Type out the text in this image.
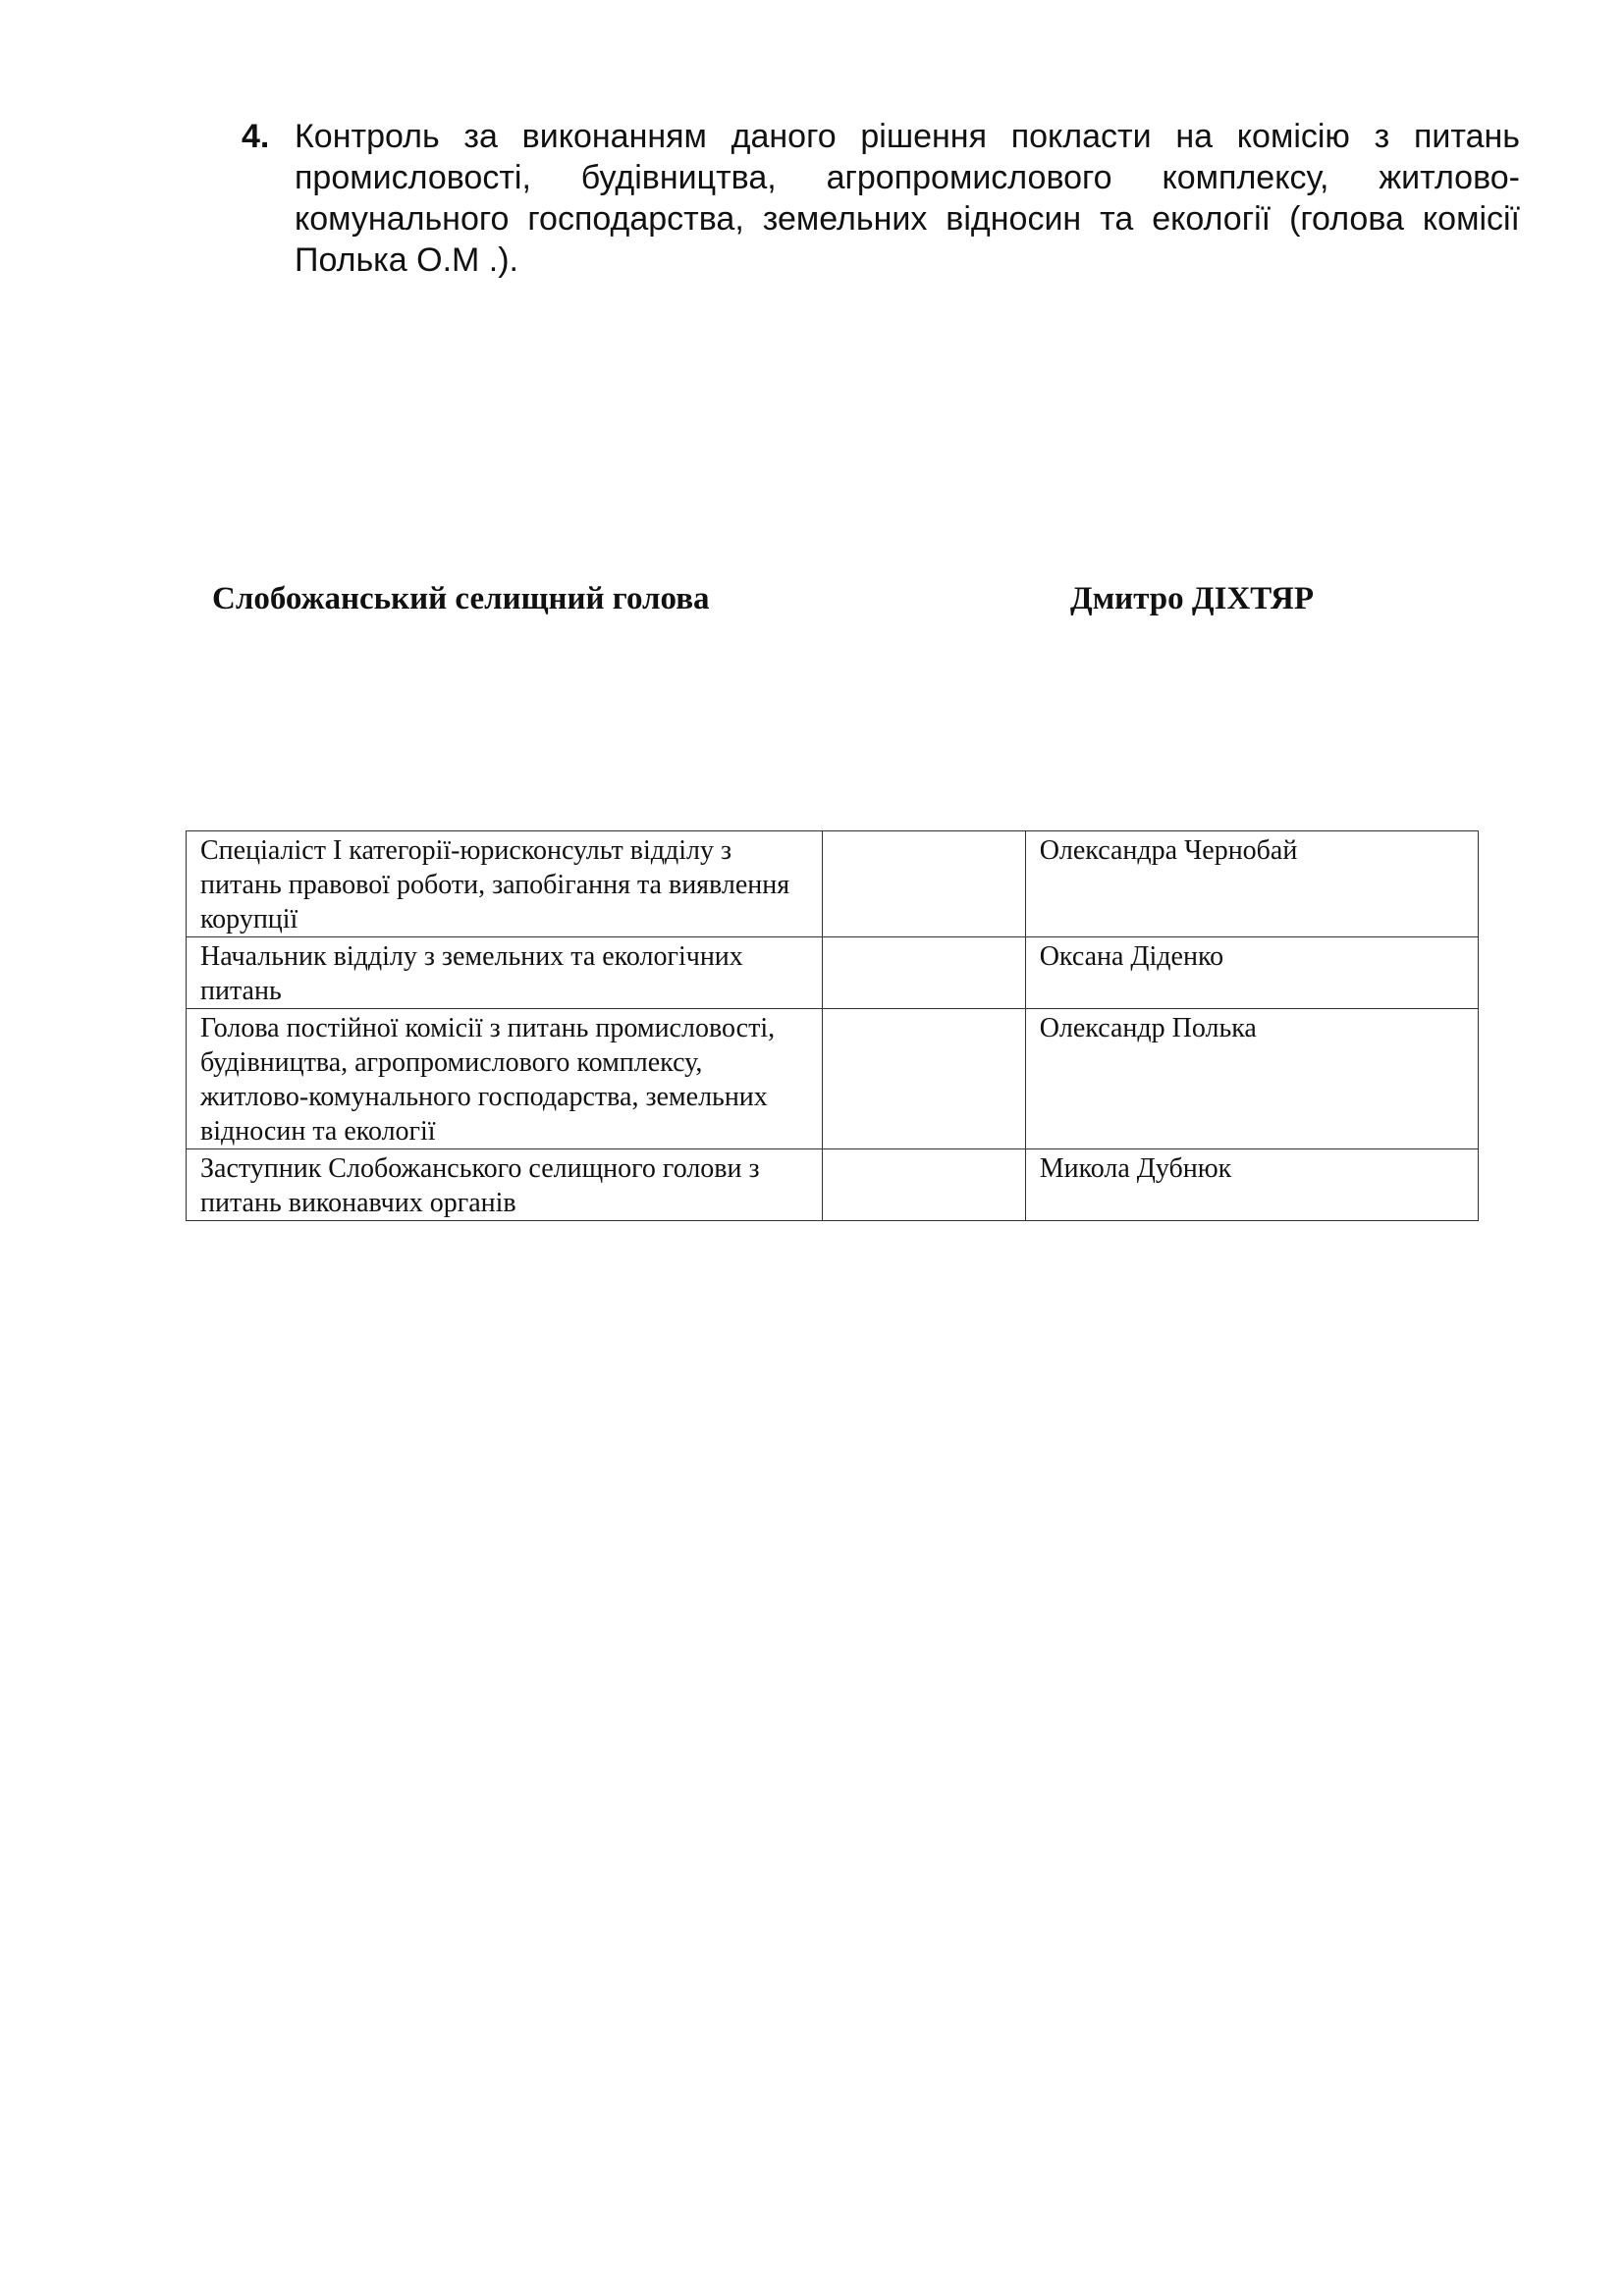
4. Контроль за виконанням даного рішення покласти на комісію з питань промисловості, будівництва, агропромислового комплексу, житлово-комунального господарства, земельних відносин та екології (голова комісії Полька О.М .).
Слобожанський селищний голова	Дмитро ДІХТЯР
Спеціаліст І категорії-юрисконсульт відділу з питань правової роботи, запобігання та виявлення корупції		Олександра Чернобай
Начальник відділу з земельних та екологічних питань		Оксана Діденко
Голова постійної комісії з питань промисловості, будівництва, агропромислового комплексу, житлово-комунального господарства, земельних відносин та екології		Олександр Полька
Заступник Слобожанського селищного голови з питань виконавчих органів		Микола Дубнюк
